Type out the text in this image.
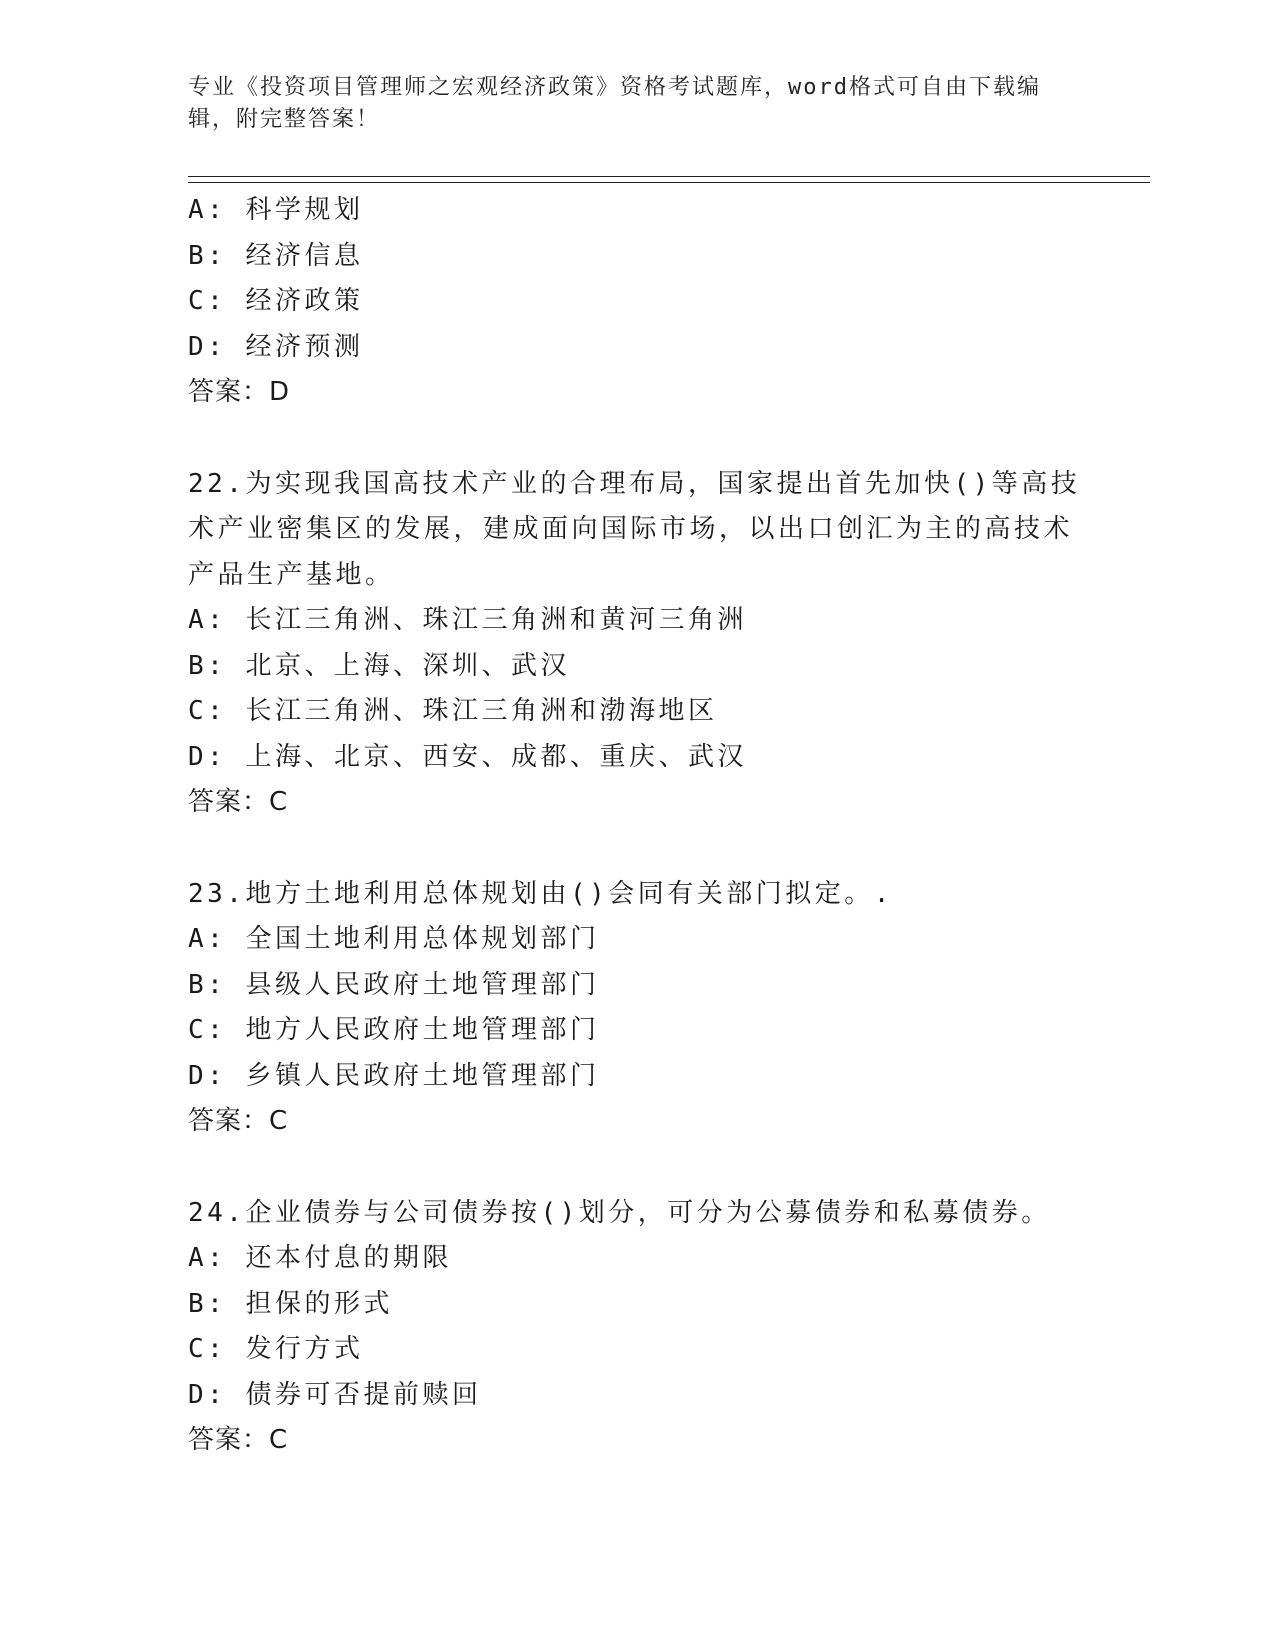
专业《投资项目管理师之宏观经济政策》资格考试题库，word格式可自由下载编辑，附完整答案！
A: 科学规划
B: 经济信息
C: 经济政策
D: 经济预测
答案：D
22.为实现我国高技术产业的合理布局，国家提出首先加快()等高技术产业密集区的发展，建成面向国际市场，以出口创汇为主的高技术产品生产基地。
A: 长江三角洲、珠江三角洲和黄河三角洲
B: 北京、上海、深圳、武汉
C: 长江三角洲、珠江三角洲和渤海地区
D: 上海、北京、西安、成都、重庆、武汉
答案：C
23.地方土地利用总体规划由()会同有关部门拟定。.
A: 全国土地利用总体规划部门
B: 县级人民政府土地管理部门
C: 地方人民政府土地管理部门
D: 乡镇人民政府土地管理部门
答案：C
24.企业债券与公司债券按()划分，可分为公募债券和私募债券。
A: 还本付息的期限
B: 担保的形式
C: 发行方式
D: 债券可否提前赎回
答案：C
